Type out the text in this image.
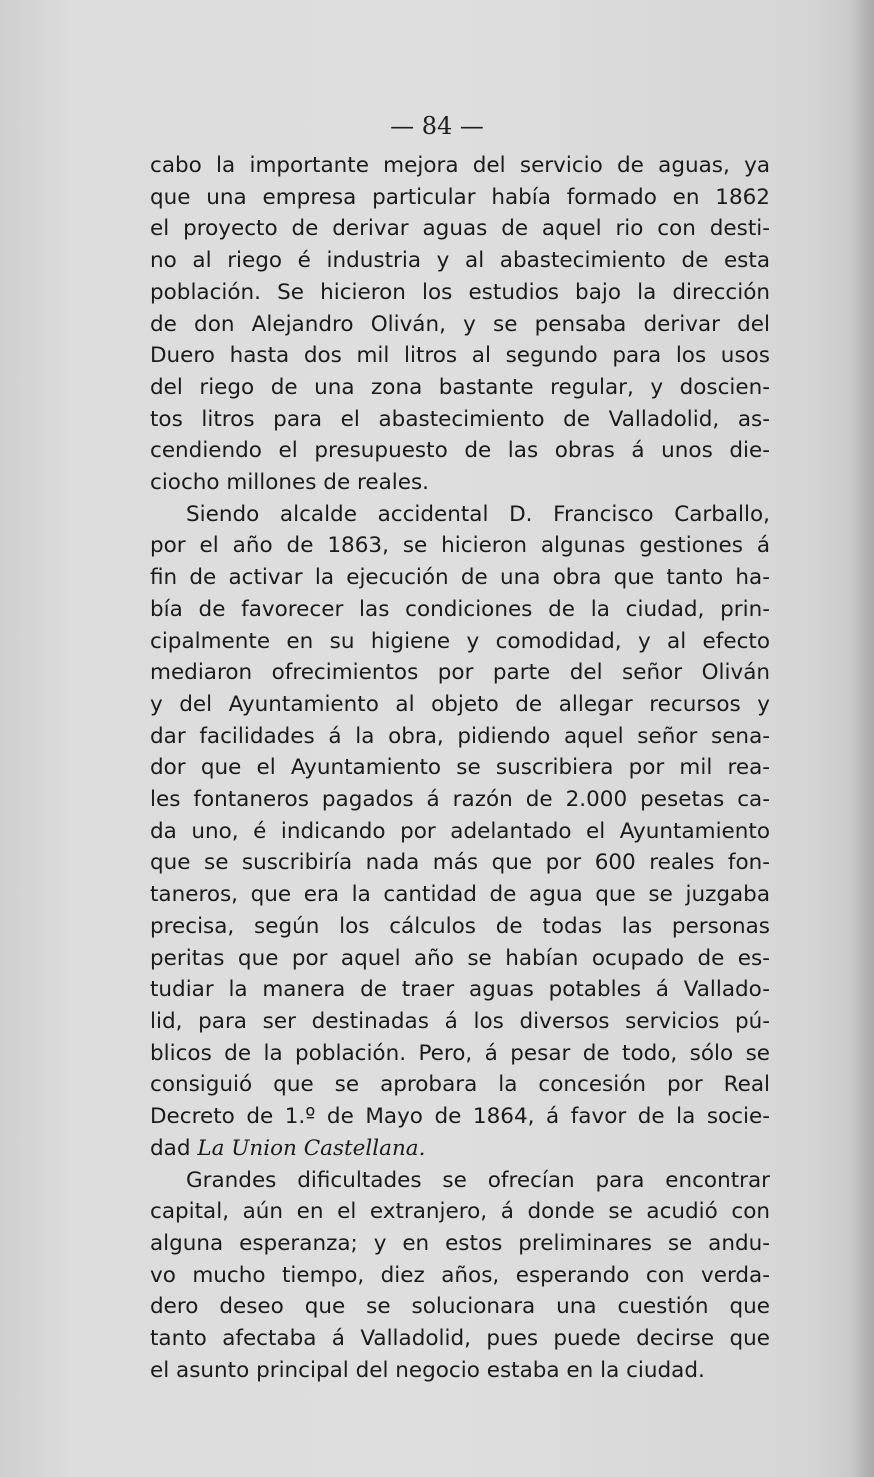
— 84 —

cabo la importante mejora del servicio de aguas, ya
que una empresa particular había formado en 1862
el proyecto de derivar aguas de aquel rio con desti-
no al riego é industria y al abastecimiento de esta
población. Se hicieron los estudios bajo la dirección
de don Alejandro Oliván, y se pensaba derivar del
Duero hasta dos mil litros al segundo para los usos
del riego de una zona bastante regular, y doscien-
tos litros para el abastecimiento de Valladolid, as-
cendiendo el presupuesto de las obras á unos die-
ciocho millones de reales.

Siendo alcalde accidental D. Francisco Carballo,
por el año de 1863, se hicieron algunas gestiones á
fin de activar la ejecución de una obra que tanto ha-
bía de favorecer las condiciones de la ciudad, prin-
cipalmente en su higiene y comodidad, y al efecto
mediaron ofrecimientos por parte del señor Oliván
y del Ayuntamiento al objeto de allegar recursos y
dar facilidades á la obra, pidiendo aquel señor sena-
dor que el Ayuntamiento se suscribiera por mil rea-
les fontaneros pagados á razón de 2.000 pesetas ca-
da uno, é indicando por adelantado el Ayuntamiento
que se suscribiría nada más que por 600 reales fon-
taneros, que era la cantidad de agua que se juzgaba
precisa, según los cálculos de todas las personas
peritas que por aquel año se habían ocupado de es-
tudiar la manera de traer aguas potables á Vallado-
lid, para ser destinadas á los diversos servicios pú-
blicos de la población. Pero, á pesar de todo, sólo se
consiguió que se aprobara la concesión por Real
Decreto de 1.º de Mayo de 1864, á favor de la socie-
dad La Union Castellana.

Grandes dificultades se ofrecían para encontrar
capital, aún en el extranjero, á donde se acudió con
alguna esperanza; y en estos preliminares se andu-
vo mucho tiempo, diez años, esperando con verda-
dero deseo que se solucionara una cuestión que
tanto afectaba á Valladolid, pues puede decirse que
el asunto principal del negocio estaba en la ciudad.
